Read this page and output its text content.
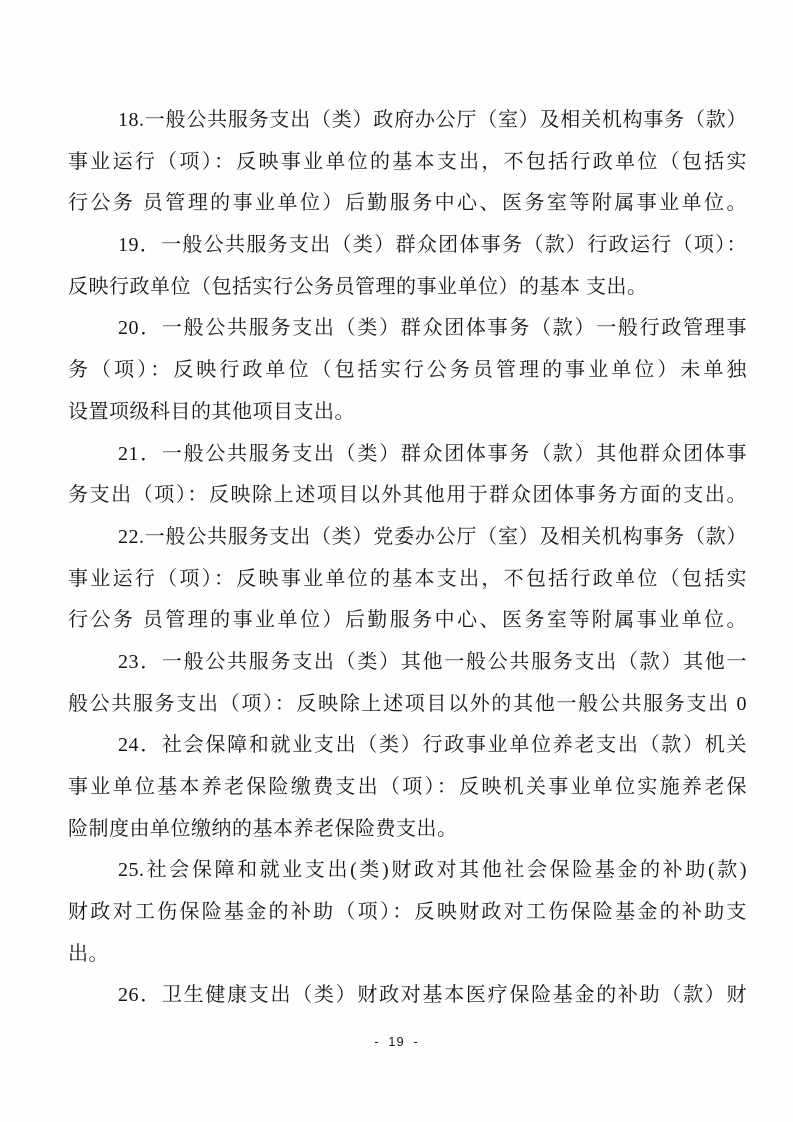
18.一般公共服务支出（类）政府办公厅（室）及相关机构事务（款）
事业运行（项）：反映事业单位的基本支出，不包括行政单位（包括实
行公务 员管理的事业单位）后勤服务中心、医务室等附属事业单位。

19．一般公共服务支出（类）群众团体事务（款）行政运行（项）：
反映行政单位（包括实行公务员管理的事业单位）的基本 支出。

20．一般公共服务支出（类）群众团体事务（款）一般行政管理事
务（项）：反映行政单位（包括实行公务员管理的事业单位）未单独
设置项级科目的其他项目支出。

21．一般公共服务支出（类）群众团体事务（款）其他群众团体事
务支出（项）：反映除上述项目以外其他用于群众团体事务方面的支出。

22.一般公共服务支出（类）党委办公厅（室）及相关机构事务（款）
事业运行（项）：反映事业单位的基本支出，不包括行政单位（包括实
行公务 员管理的事业单位）后勤服务中心、医务室等附属事业单位。

23．一般公共服务支出（类）其他一般公共服务支出（款）其他一
般公共服务支出（项）：反映除上述项目以外的其他一般公共服务支出 0

24．社会保障和就业支出（类）行政事业单位养老支出（款）机关
事业单位基本养老保险缴费支出（项）：反映机关事业单位实施养老保
险制度由单位缴纳的基本养老保险费支出。

25.社会保障和就业支出(类)财政对其他社会保险基金的补助(款)
财政对工伤保险基金的补助（项）：反映财政对工伤保险基金的补助支
出。

26．卫生健康支出（类）财政对基本医疗保险基金的补助（款）财

- 19 -
